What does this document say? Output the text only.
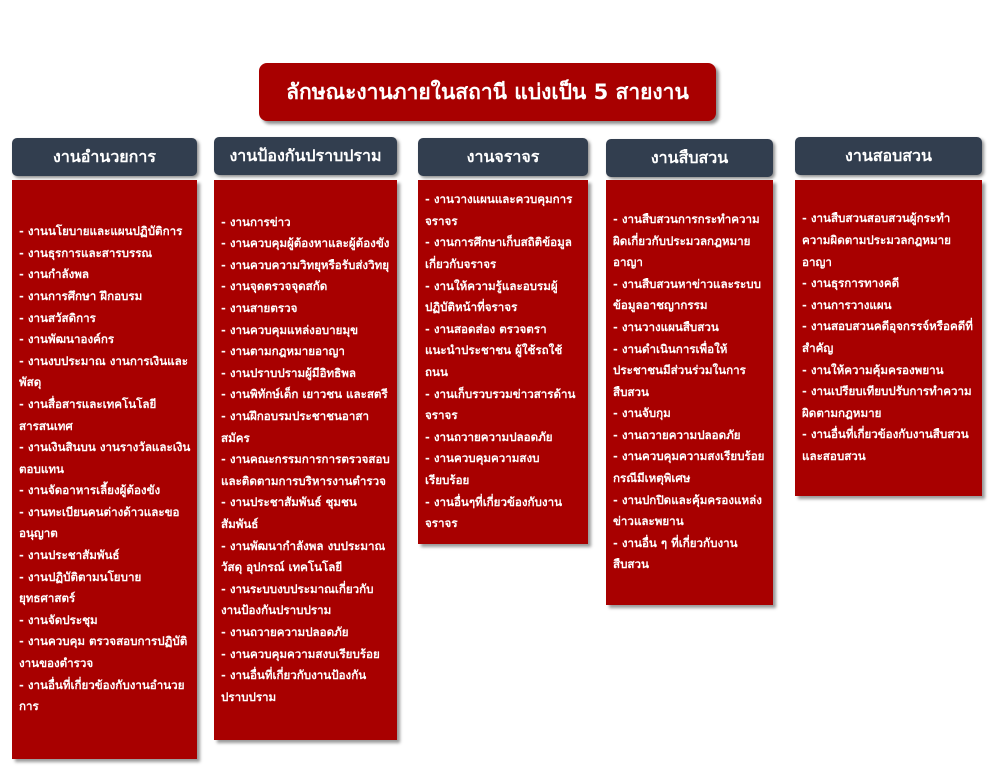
ลักษณะงานภายในสถานี แบ่งเป็น 5 สายงาน
งานอำนวยการ
- งานนโยบายและแผนปฏิบัติการ
- งานธุรการและสารบรรณ
- งานกำลังพล
- งานการศึกษา ฝึกอบรม
- งานสวัสดิการ
- งานพัฒนาองค์กร
- งานงบประมาณ งานการเงินและพัสดุ
- งานสื่อสารและเทคโนโลยีสารสนเทศ
- งานเงินสินบน งานรางวัลและเงินตอบแทน
- งานจัดอาหารเลี้ยงผู้ต้องขัง
- งานทะเบียนคนต่างด้าวและขออนุญาต
- งานประชาสัมพันธ์
- งานปฏิบัติตามนโยบายยุทธศาสตร์
- งานจัดประชุม
- งานควบคุม ตรวจสอบการปฏิบัติงานของตำรวจ
- งานอื่นที่เกี่ยวข้องกับงานอำนวยการ
งานป้องกันปราบปราม
- งานการข่าว
- งานควบคุมผู้ต้องหาและผู้ต้องขัง
- งานควบความวิทยุหรือรับส่งวิทยุ
- งานจุดตรวจจุดสกัด
- งานสายตรวจ
- งานควบคุมแหล่งอบายมุข
- งานตามกฎหมายอาญา
- งานปราบปรามผู้มีอิทธิพล
- งานพิทักษ์เด็ก เยาวชน และสตรี
- งานฝึกอบรมประชาชนอาสาสมัคร
- งานคณะกรรมการการตรวจสอบและติดตามการบริหารงานตำรวจ
- งานประชาสัมพันธ์ ชุมชนสัมพันธ์
- งานพัฒนากำลังพล งบประมาณ วัสดุ อุปกรณ์ เทคโนโลยี
- งานระบบงบประมาณเกี่ยวกับงานป้องกันปราบปราม
- งานถวายความปลอดภัย
- งานควบคุมความสงบเรียบร้อย
- งานอื่นที่เกี่ยวกับงานป้องกันปราบปราม
งานจราจร
- งานวางแผนและควบคุมการจราจร
- งานการศึกษาเก็บสถิติข้อมูลเกี่ยวกับจราจร
- งานให้ความรู้และอบรมผู้ปฏิบัติหน้าที่จราจร
- งานสอดส่อง ตรวจตรา แนะนำประชาชน ผู้ใช้รถใช้ถนน
- งานเก็บรวบรวมข่าวสารด้านจราจร
- งานถวายความปลอดภัย
- งานควบคุมความสงบเรียบร้อย
- งานอื่นๆที่เกี่ยวข้องกับงานจราจร
งานสืบสวน
- งานสืบสวนการกระทำความผิดเกี่ยวกับประมวลกฎหมายอาญา
- งานสืบสวนหาข่าวและระบบข้อมูลอาชญากรรม
- งานวางแผนสืบสวน
- งานดำเนินการเพื่อให้ประชาชนมีส่วนร่วมในการสืบสวน
- งานจับกุม
- งานถวายความปลอดภัย
- งานควบคุมความสงเรียบร้อยกรณีมีเหตุพิเศษ
- งานปกปิดและคุ้มครองแหล่งข่าวและพยาน
- งานอื่น ๆ ที่เกี่ยวกับงานสืบสวน
งานสอบสวน
- งานสืบสวนสอบสวนผู้กระทำความผิดตามประมวลกฎหมายอาญา
- งานธุรการทางคดี
- งานการวางแผน
- งานสอบสวนคดีอุจกรรจ์หรือคดีที่สำคัญ
- งานให้ความคุ้มครองพยาน
- งานเปรียบเทียบปรับการทำความผิดตามกฎหมาย
- งานอื่นที่เกี่ยวข้องกับงานสืบสวนและสอบสวน
